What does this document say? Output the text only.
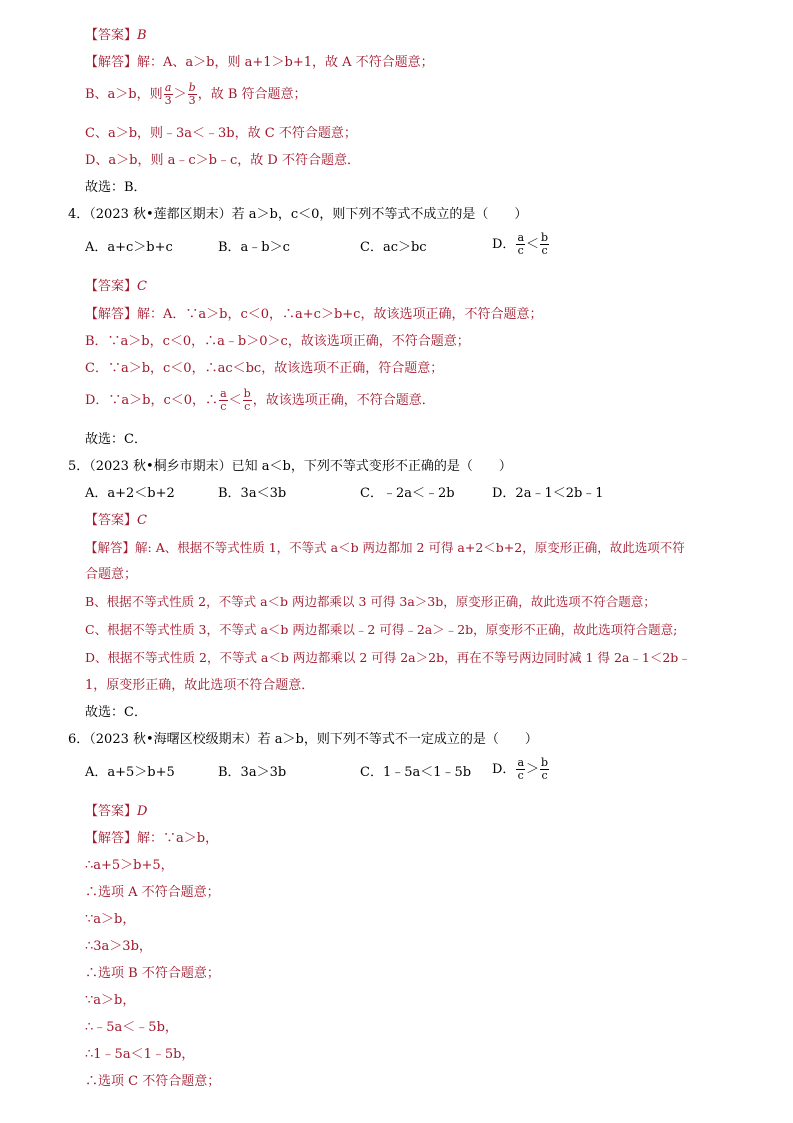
【答案】B
【解答】解：A、a＞b，则 a+1＞b+1，故 A 不符合题意；
B、a＞b，则 $\frac{a}{3} > \frac{b}{3}$ ，故 B 符合题意；
C、a＞b，则﹣3a＜﹣3b，故 C 不符合题意；
D、a＞b，则 a﹣c＞b﹣c，故 D 不符合题意．
故选：B．
4．（2023 秋•莲都区期末）若 a＞b，c＜0，则下列不等式不成立的是（　　）
A．a+c＞b+c	B．a﹣b＞c	C．ac＞bc	D． $\frac{a}{c} < \frac{b}{c}$
【答案】C
【解答】解：A．∵a＞b，c＜0，∴a+c＞b+c，故该选项正确，不符合题意；
B．∵a＞b，c＜0，∴a﹣b＞0＞c，故该选项正确，不符合题意；
C．∵a＞b，c＜0，∴ac＜bc，故该选项不正确，符合题意；
D．∵a＞b，c＜0，∴ $\frac{a}{c} < \frac{b}{c}$ ，故该选项正确，不符合题意．
故选：C．
5．（2023 秋•桐乡市期末）已知 a＜b，下列不等式变形不正确的是（　　）
A．a+2＜b+2	B．3a＜3b	C．﹣2a＜﹣2b	D．2a﹣1＜2b﹣1
【答案】C
【解答】解: A、根据不等式性质 1，不等式 a＜b 两边都加 2 可得 a+2＜b+2，原变形正确，故此选项不符
合题意；
B、根据不等式性质 2，不等式 a＜b 两边都乘以 3 可得 3a＞3b，原变形正确，故此选项不符合题意；
C、根据不等式性质 3，不等式 a＜b 两边都乘以﹣2 可得﹣2a＞﹣2b，原变形不正确，故此选项符合题意;
D、根据不等式性质 2，不等式 a＜b 两边都乘以 2 可得 2a＞2b，再在不等号两边同时减 1 得 2a﹣1＜2b﹣
1，原变形正确，故此选项不符合题意．
故选：C．
6．（2023 秋•海曙区校级期末）若 a＞b，则下列不等式不一定成立的是（　　）
A．a+5＞b+5	B．3a＞3b	C．1﹣5a＜1﹣5b D． $\frac{a}{c} > \frac{b}{c}$
【答案】D
【解答】解：∵a＞b，
∴a+5＞b+5，
∴选项 A 不符合题意；
∵a＞b，
∴3a＞3b，
∴选项 B 不符合题意；
∵a＞b，
∴﹣5a＜﹣5b，
∴1﹣5a＜1﹣5b，
∴选项 C 不符合题意；
